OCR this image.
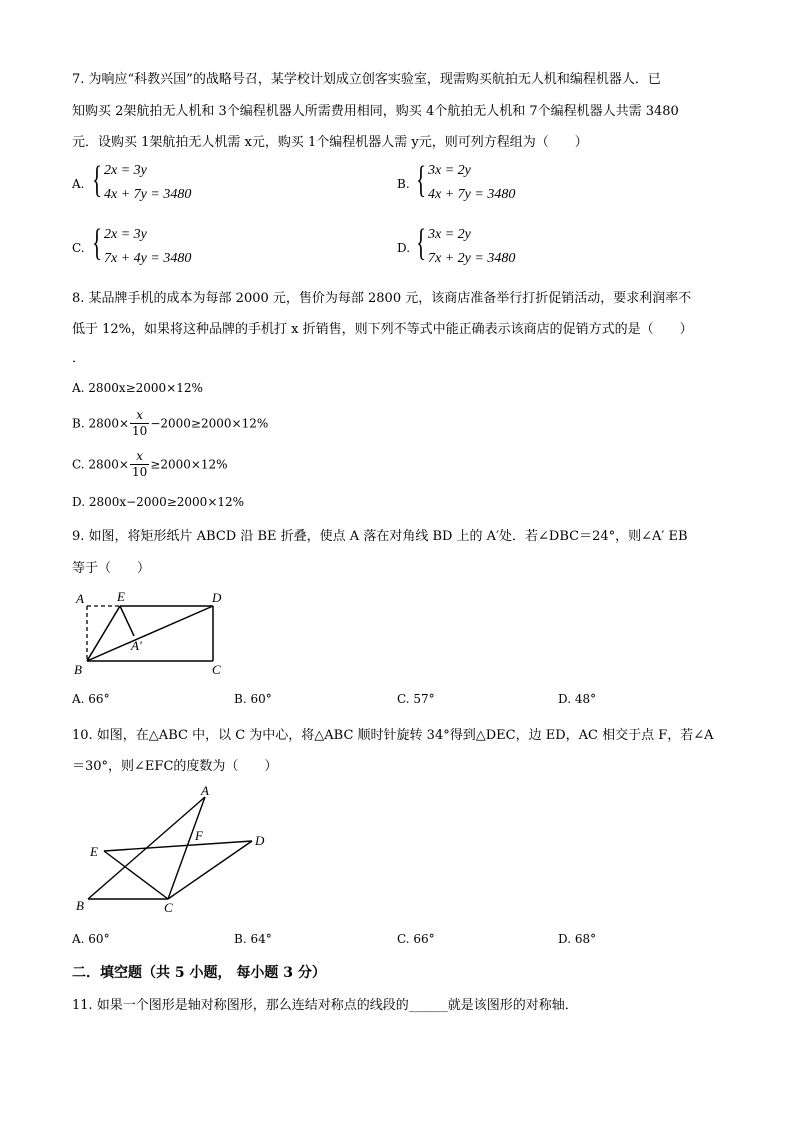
7. 为响应“科教兴国”的战略号召，某学校计划成立创客实验室，现需购买航拍无人机和编程机器人．已
知购买 2架航拍无人机和 3个编程机器人所需费用相同，购买 4个航拍无人机和 7个编程机器人共需 3480
元．设购买 1架航拍无人机需 x元，购买 1个编程机器人需 y元，则可列方程组为（　　）
A. { 2x = 3y
4x + 7y = 3480
B. { 3x = 2y
4x + 7y = 3480
C. { 2x = 3y
7x + 4y = 3480
D. { 3x = 2y
7x + 2y = 3480
8. 某品牌手机的成本为每部 2000 元，售价为每部 2800 元，该商店准备举行打折促销活动，要求利润率不
低于 12%，如果将这种品牌的手机打 x 折销售，则下列不等式中能正确表示该商店的促销方式的是（　　）
．
A. 2800x≥2000×12%
B. $2800\times \frac{x}{10} -2000\ge 2000\times 12\%$
C. $2800\times \frac{x}{10} \ge 2000\times 12\%$
D. 2800x−2000≥2000×12%
9. 如图，将矩形纸片 ABCD 沿 BE 折叠，使点 A 落在对角线 BD 上的 A′处．若∠DBC＝24°，则∠A′ EB
等于（　　）
A	E	D
A′
B	C
A. 66°	B. 60°	C. 57°	D. 48°
10. 如图，在△ABC 中，以 C 为中心，将△ABC 顺时针旋转 34°得到△DEC，边 ED，AC 相交于点 F，若∠A
＝30°，则∠EFC的度数为（　　）
A
F	D
E
B	C
A. 60°	B. 64°	C. 66°	D. 68°
二．填空题（共 5 小题， 每小题 3 分）
11. 如果一个图形是轴对称图形，那么连结对称点的线段的______就是该图形的对称轴．
